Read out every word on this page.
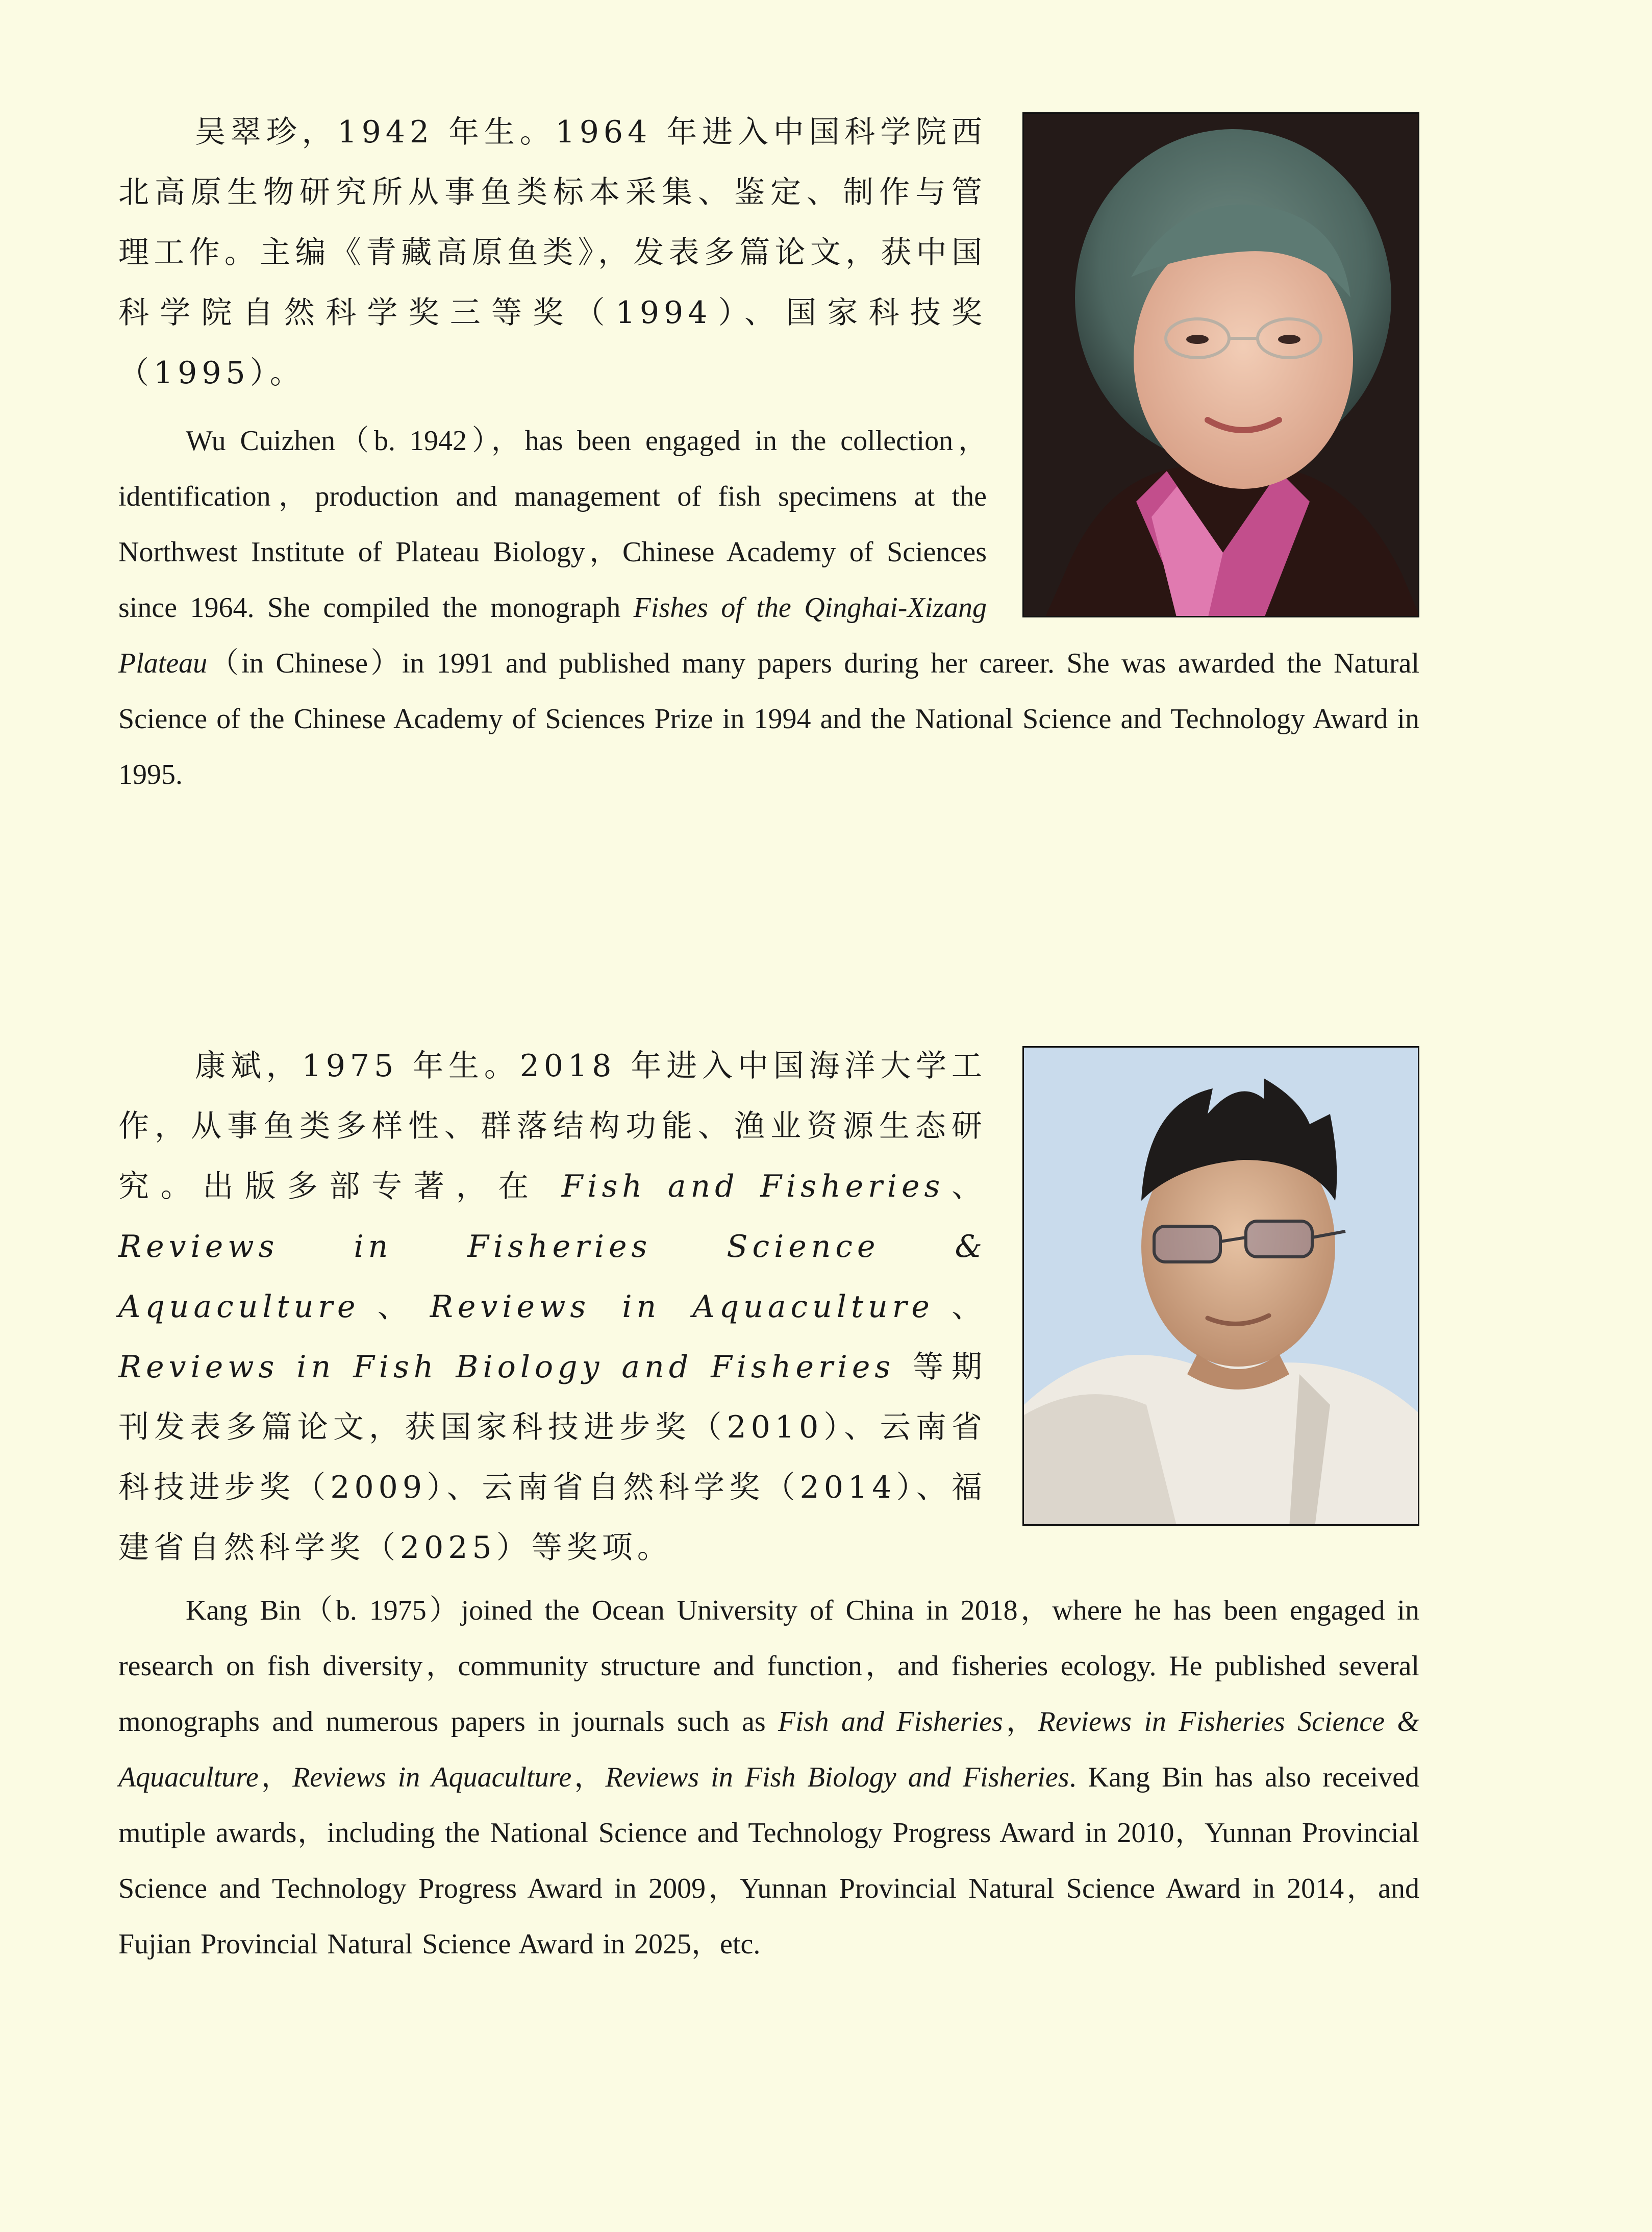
吴翠珍，1942 年生。1964 年进入中国科学院西北高原生物研究所从事鱼类标本采集、鉴定、制作与管理工作。主编《青藏高原鱼类》，发表多篇论文，获中国科学院自然科学奖三等奖（1994）、国家科技奖（1995）。

Wu Cuizhen（b. 1942），has been engaged in the collection，identification，production and management of fish specimens at the Northwest Institute of Plateau Biology，Chinese Academy of Sciences since 1964. She compiled the monograph Fishes of the Qinghai-Xizang Plateau（in Chinese）in 1991 and published many papers during her career. She was awarded the Natural Science of the Chinese Academy of Sciences Prize in 1994 and the National Science and Technology Award in 1995.

康斌，1975 年生。2018 年进入中国海洋大学工作，从事鱼类多样性、群落结构功能、渔业资源生态研究。出版多部专著，在 Fish and Fisheries、Reviews in Fisheries Science & Aquaculture、Reviews in Aquaculture、Reviews in Fish Biology and Fisheries 等期刊发表多篇论文，获国家科技进步奖（2010）、云南省科技进步奖（2009）、云南省自然科学奖（2014）、福建省自然科学奖（2025）等奖项。

Kang Bin（b. 1975）joined the Ocean University of China in 2018，where he has been engaged in research on fish diversity，community structure and function，and fisheries ecology. He published several monographs and numerous papers in journals such as Fish and Fisheries，Reviews in Fisheries Science & Aquaculture，Reviews in Aquaculture，Reviews in Fish Biology and Fisheries. Kang Bin has also received mutiple awards，including the National Science and Technology Progress Award in 2010，Yunnan Provincial Science and Technology Progress Award in 2009，Yunnan Provincial Natural Science Award in 2014，and Fujian Provincial Natural Science Award in 2025，etc.
